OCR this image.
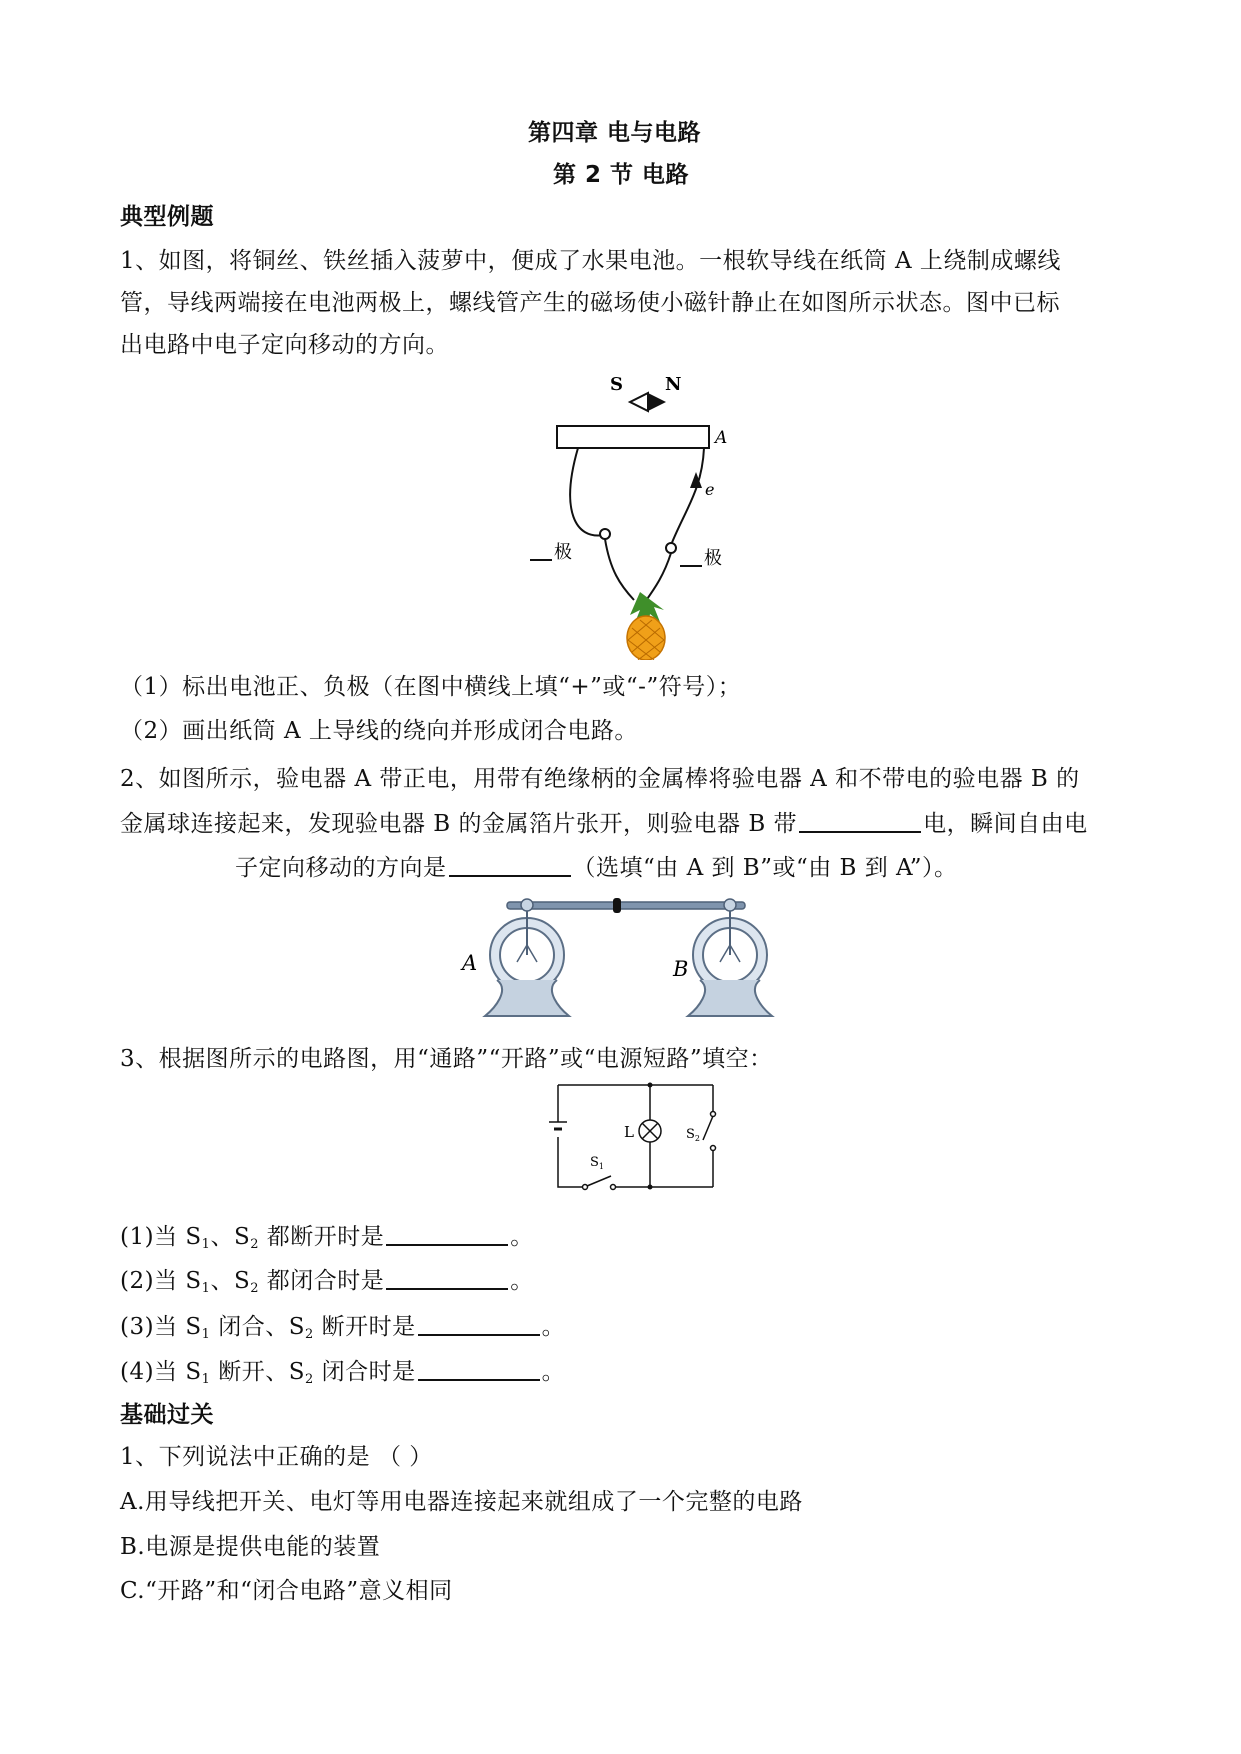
第四章 电与电路
第 2 节 电路
典型例题
1、如图，将铜丝、铁丝插入菠萝中，便成了水果电池。一根软导线在纸筒 A 上绕制成螺线
管，导线两端接在电池两极上，螺线管产生的磁场使小磁针静止在如图所示状态。图中已标
出电路中电子定向移动的方向。
S N
A
e
极	极
（1）标出电池正、负极（在图中横线上填“+”或“-”符号）；
（2）画出纸筒 A 上导线的绕向并形成闭合电路。
2、如图所示，验电器 A 带正电，用带有绝缘柄的金属棒将验电器 A 和不带电的验电器 B 的
金属球连接起来，发现验电器 B 的金属箔片张开，则验电器 B 带	电，瞬间自由电
子定向移动的方向是	（选填“由 A 到 B”或“由 B 到 A”）。
A	B
3、根据图所示的电路图，用“通路”“开路”或“电源短路”填空：
L
$S_1$
$S_2$
(1)当 $S_1$、$S_2$ 都断开时是	。
(2)当 $S_1$、$S_2$ 都闭合时是	。
(3)当 $S_1$ 闭合、$S_2$ 断开时是	。
(4)当 $S_1$ 断开、$S_2$ 闭合时是	。
基础过关
1、下列说法中正确的是 （ ）
A.用导线把开关、电灯等用电器连接起来就组成了一个完整的电路
B.电源是提供电能的装置
C.“开路”和“闭合电路”意义相同
